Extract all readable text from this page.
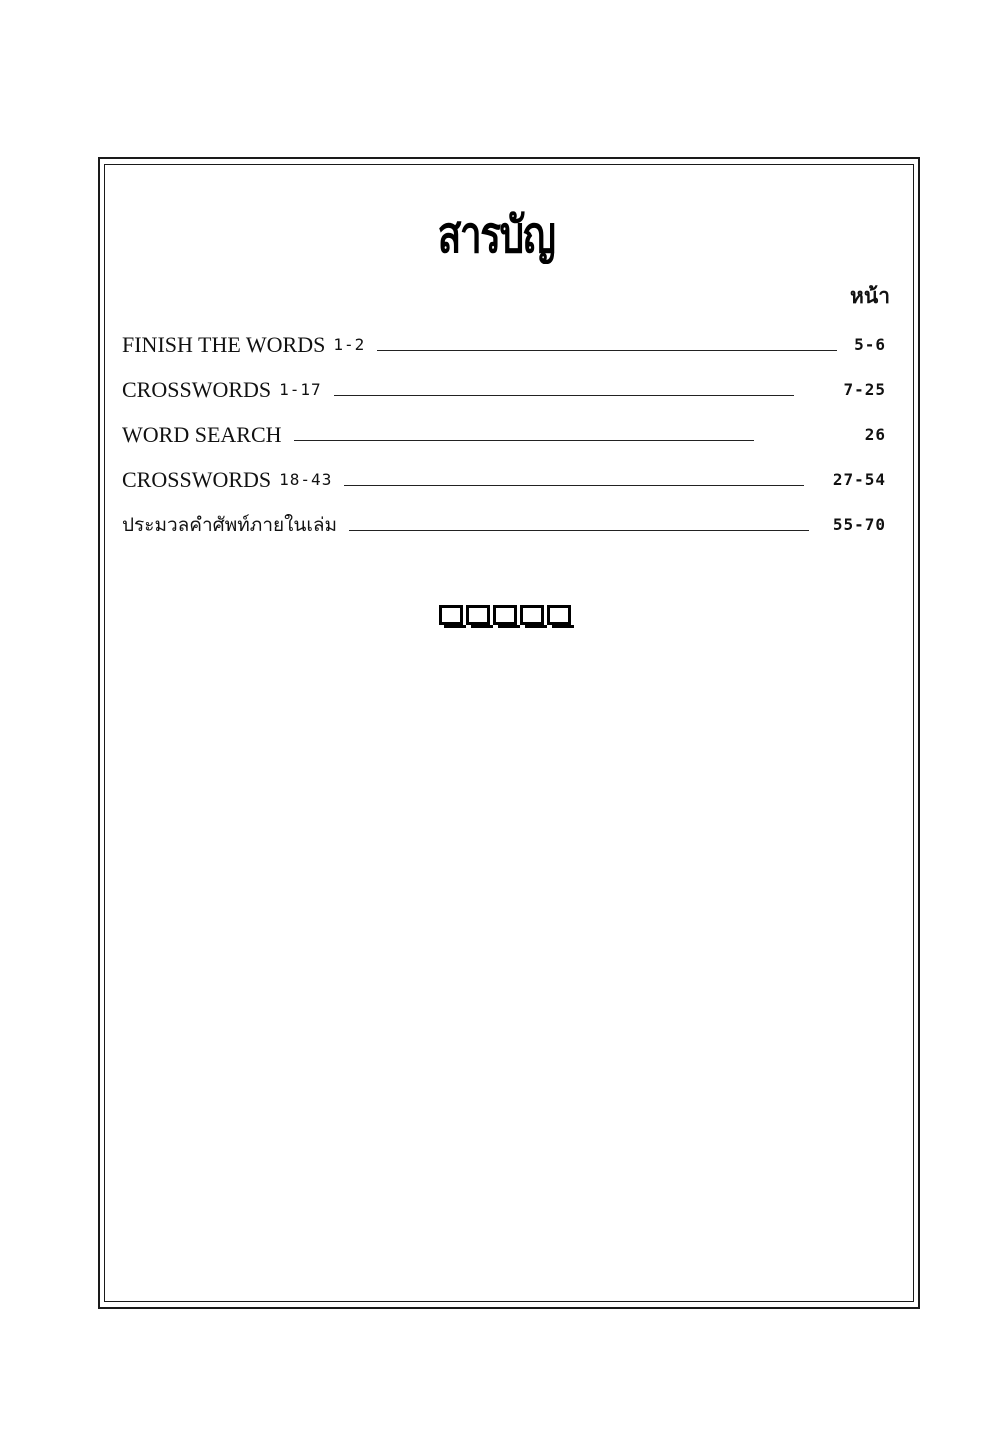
สารบัญ
หน้า
FINISH THE WORDS 1-2	5-6
CROSSWORDS 1-17	7-25
WORD SEARCH	26
CROSSWORDS 18-43	27-54
ประมวลคำศัพท์ภายในเล่ม	55-70
